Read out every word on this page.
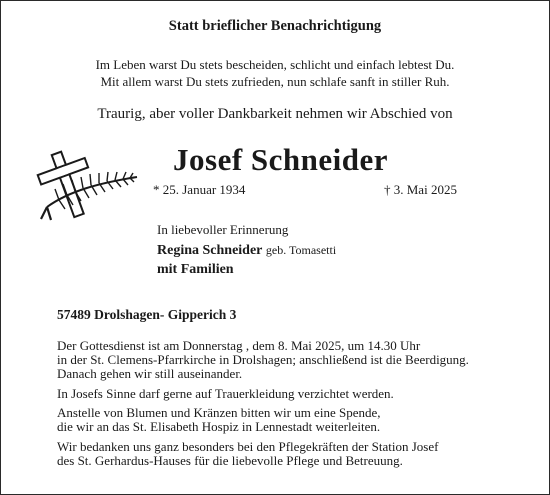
Statt brieflicher Benachrichtigung
Im Leben warst Du stets bescheiden, schlicht und einfach lebtest Du.
Mit allem warst Du stets zufrieden, nun schlafe sanft in stiller Ruh.
Traurig, aber voller Dankbarkeit nehmen wir Abschied von
Josef Schneider
* 25. Januar 1934	† 3. Mai 2025
In liebevoller Erinnerung
Regina Schneider geb. Tomasetti
mit Familien
57489 Drolshagen- Gipperich 3
Der Gottesdienst ist am Donnerstag , dem 8. Mai 2025, um 14.30 Uhr
in der St. Clemens-Pfarrkirche in Drolshagen; anschließend ist die Beerdigung.
Danach gehen wir still auseinander.
In Josefs Sinne darf gerne auf Trauerkleidung verzichtet werden.
Anstelle von Blumen und Kränzen bitten wir um eine Spende,
die wir an das St. Elisabeth Hospiz in Lennestadt weiterleiten.
Wir bedanken uns ganz besonders bei den Pflegekräften der Station Josef
des St. Gerhardus-Hauses für die liebevolle Pflege und Betreuung.
